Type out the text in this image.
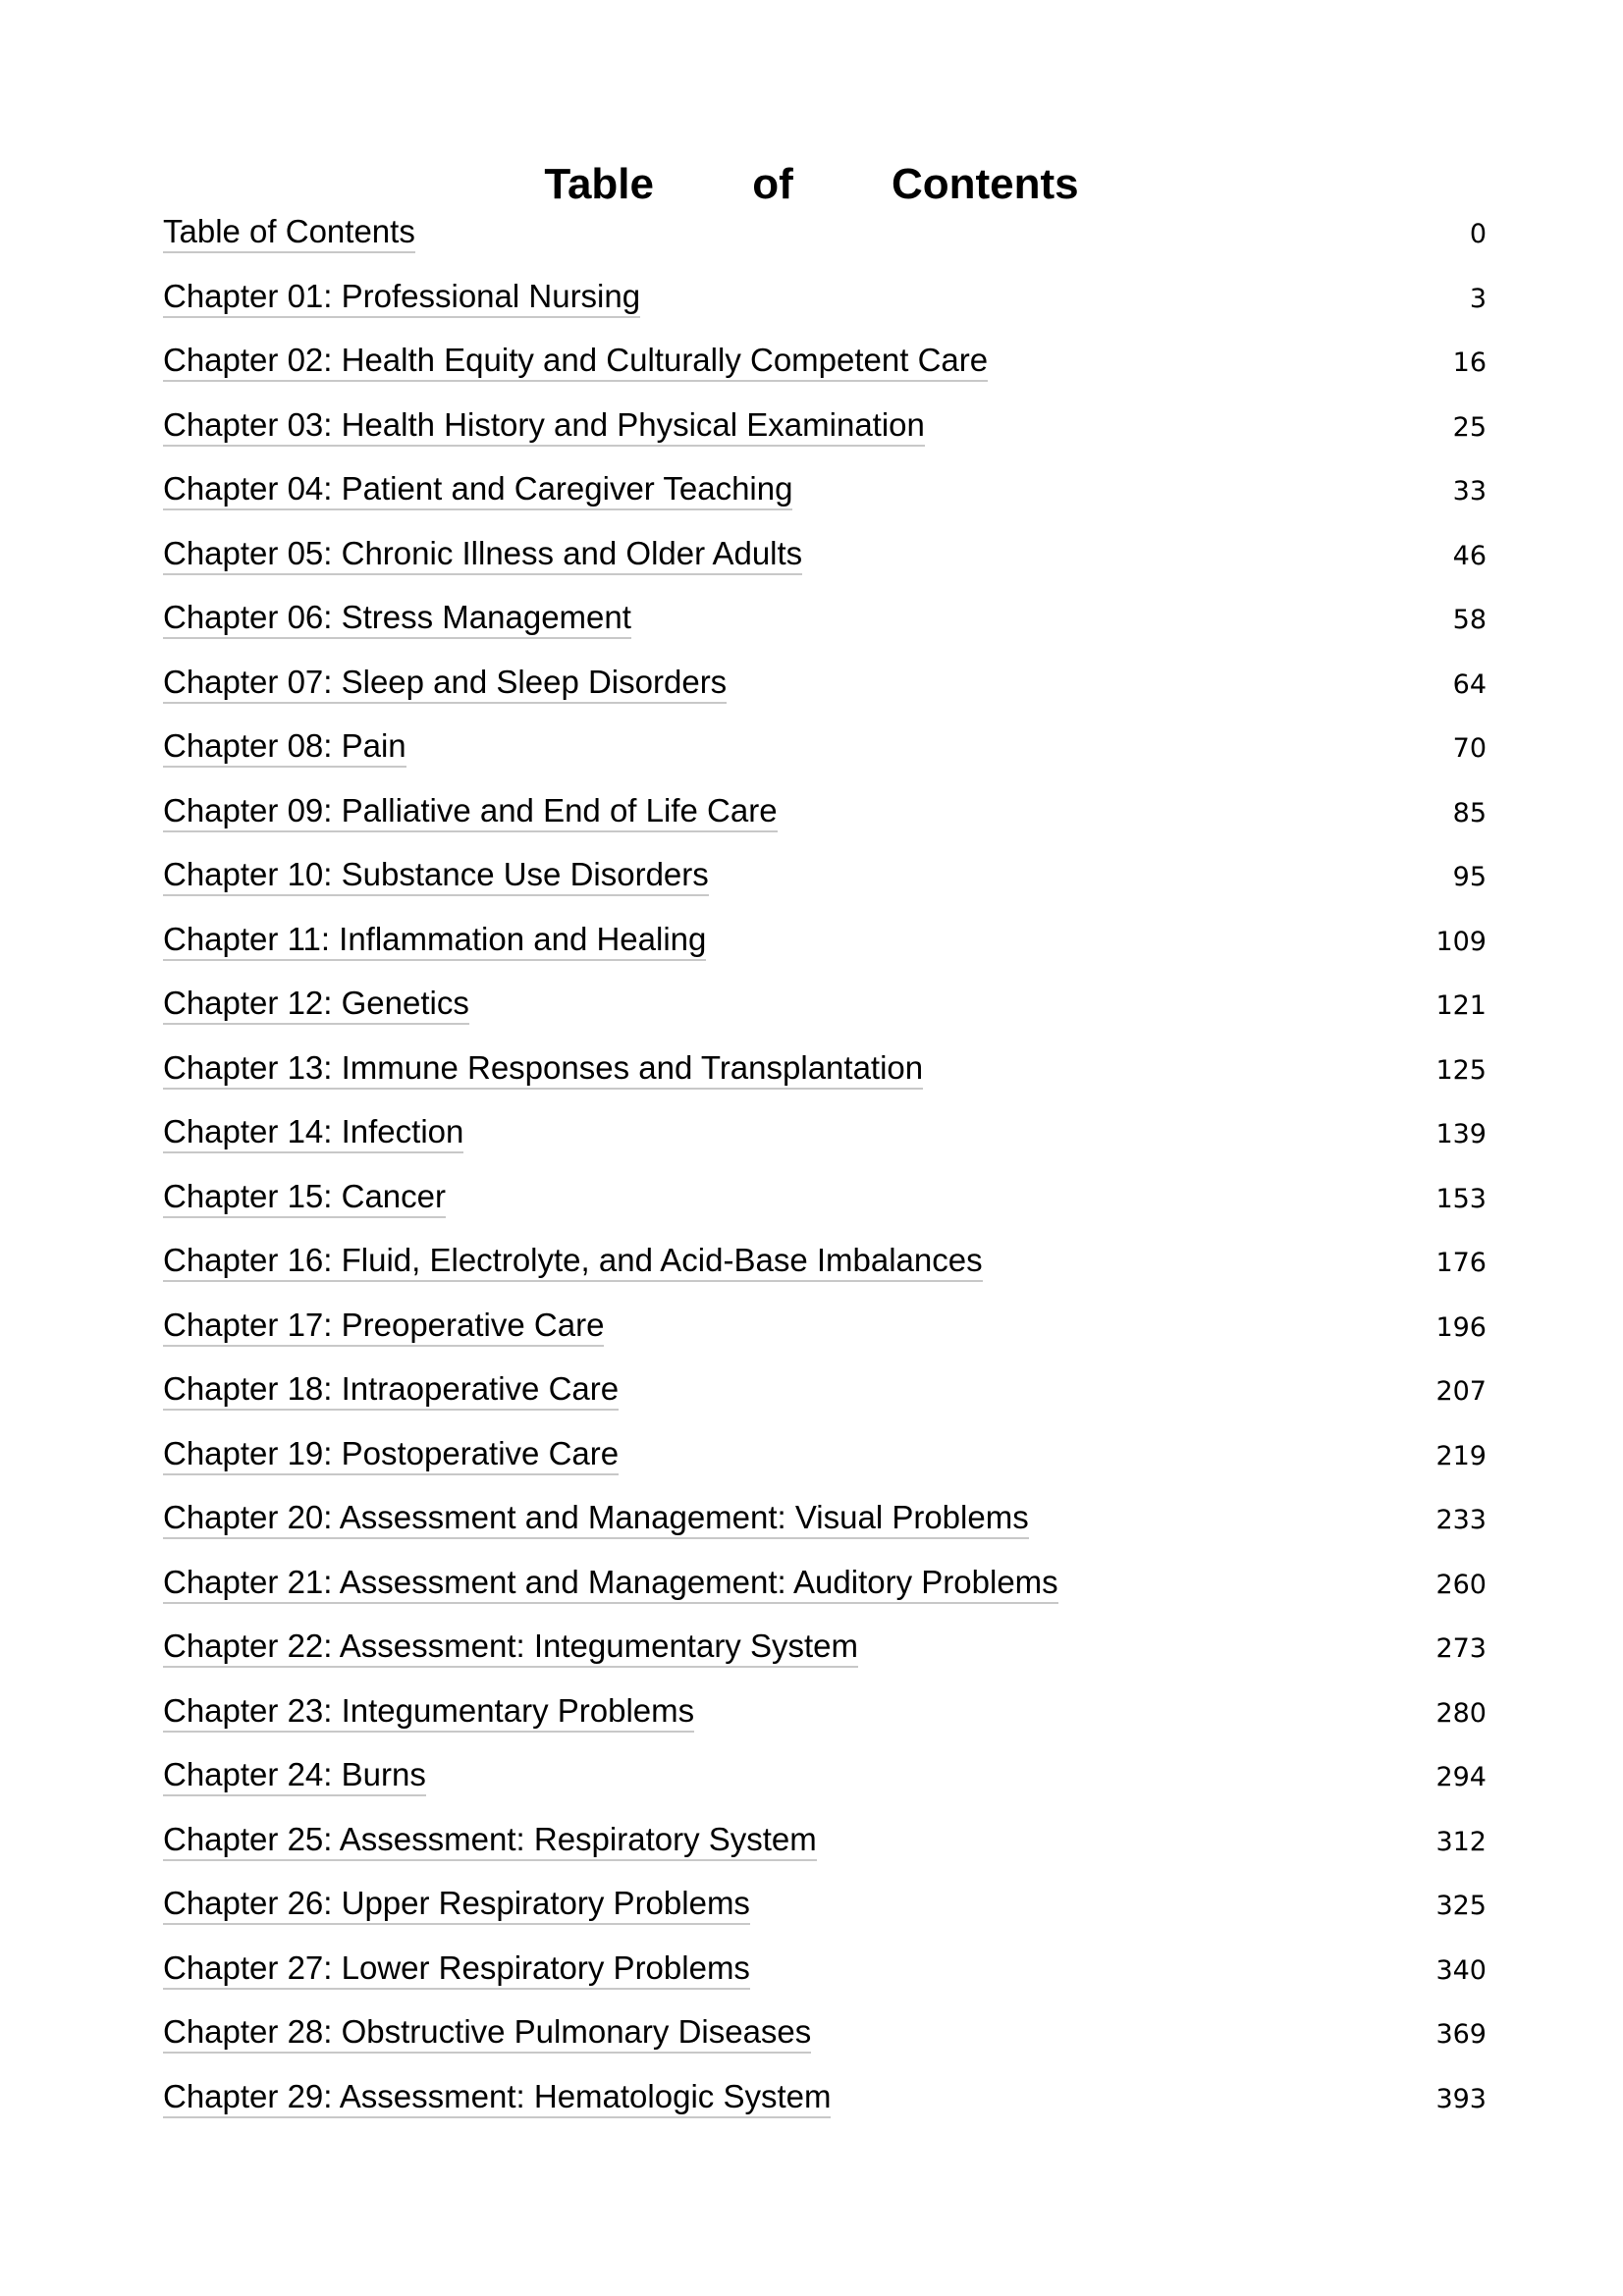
Table of Contents
Table of Contents	0
Chapter 01: Professional Nursing	3
Chapter 02: Health Equity and Culturally Competent Care	16
Chapter 03: Health History and Physical Examination	25
Chapter 04: Patient and Caregiver Teaching	33
Chapter 05: Chronic Illness and Older Adults	46
Chapter 06: Stress Management	58
Chapter 07: Sleep and Sleep Disorders	64
Chapter 08: Pain	70
Chapter 09: Palliative and End of Life Care	85
Chapter 10: Substance Use Disorders	95
Chapter 11: Inflammation and Healing	109
Chapter 12: Genetics	121
Chapter 13: Immune Responses and Transplantation	125
Chapter 14: Infection	139
Chapter 15: Cancer	153
Chapter 16: Fluid, Electrolyte, and Acid-Base Imbalances	176
Chapter 17: Preoperative Care	196
Chapter 18: Intraoperative Care	207
Chapter 19: Postoperative Care	219
Chapter 20: Assessment and Management: Visual Problems	233
Chapter 21: Assessment and Management: Auditory Problems	260
Chapter 22: Assessment: Integumentary System	273
Chapter 23: Integumentary Problems	280
Chapter 24: Burns	294
Chapter 25: Assessment: Respiratory System	312
Chapter 26: Upper Respiratory Problems	325
Chapter 27: Lower Respiratory Problems	340
Chapter 28: Obstructive Pulmonary Diseases	369
Chapter 29: Assessment: Hematologic System	393
